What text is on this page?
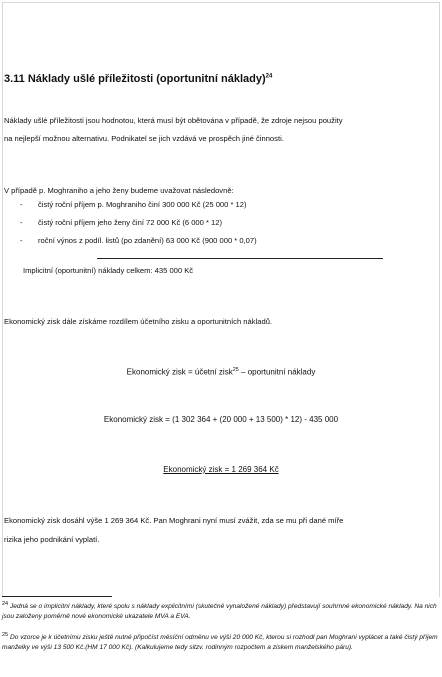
3.11 Náklady ušlé příležitosti (oportunitní náklady)$^{24}$
Náklady ušlé příležitosti jsou hodnotou, která musí být obětována v případě, že zdroje nejsou použity
na nejlepší možnou alternativu. Podnikatel se jich vzdává ve prospěch jiné činnosti.
V případě p. Moghraniho a jeho ženy budeme uvažovat následovně:
- čistý roční příjem p. Moghraniho činí 300 000 Kč (25 000 * 12)
- čistý roční příjem jeho ženy činí 72 000 Kč (6 000 * 12)
- roční výnos z podíl. listů (po zdanění) 63 000 Kč (900 000 * 0,07)
Implicitní (oportunitní) náklady celkem: 435 000 Kč
Ekonomický zisk dále získáme rozdílem účetního zisku a oportunitních nákladů.
Ekonomický zisk = účetní zisk$^{25}$ – oportunitní náklady
Ekonomický zisk = (1 302 364 + (20 000 + 13 500) * 12) - 435 000
Ekonomický zisk = 1 269 364 Kč
Ekonomický zisk dosáhl výše 1 269 364 Kč. Pan Moghrani nyní musí zvážit, zda se mu při dané míře
rizika jeho podnikání vyplatí.
$^{24}$ Jedná se o implicitní náklady, které spolu s náklady explicitními (skutečně vynaložené náklady) představují souhrnné ekonomické náklady. Na nich jsou založeny poměrně nové ekonomické ukazatele MVA a EVA.
$^{25}$ Do vzorce je k účetnímu zisku ještě nutné připočíst měsíční odměnu ve výši 20 000 Kč, kterou si rozhodl pan Moghrani vyplácet a také čistý příjem manželky ve výši 13 500 Kč.(HM 17 000 Kč). (Kalkulujeme tedy sitzv. rodinným rozpočtem a ziskem manželského páru).
